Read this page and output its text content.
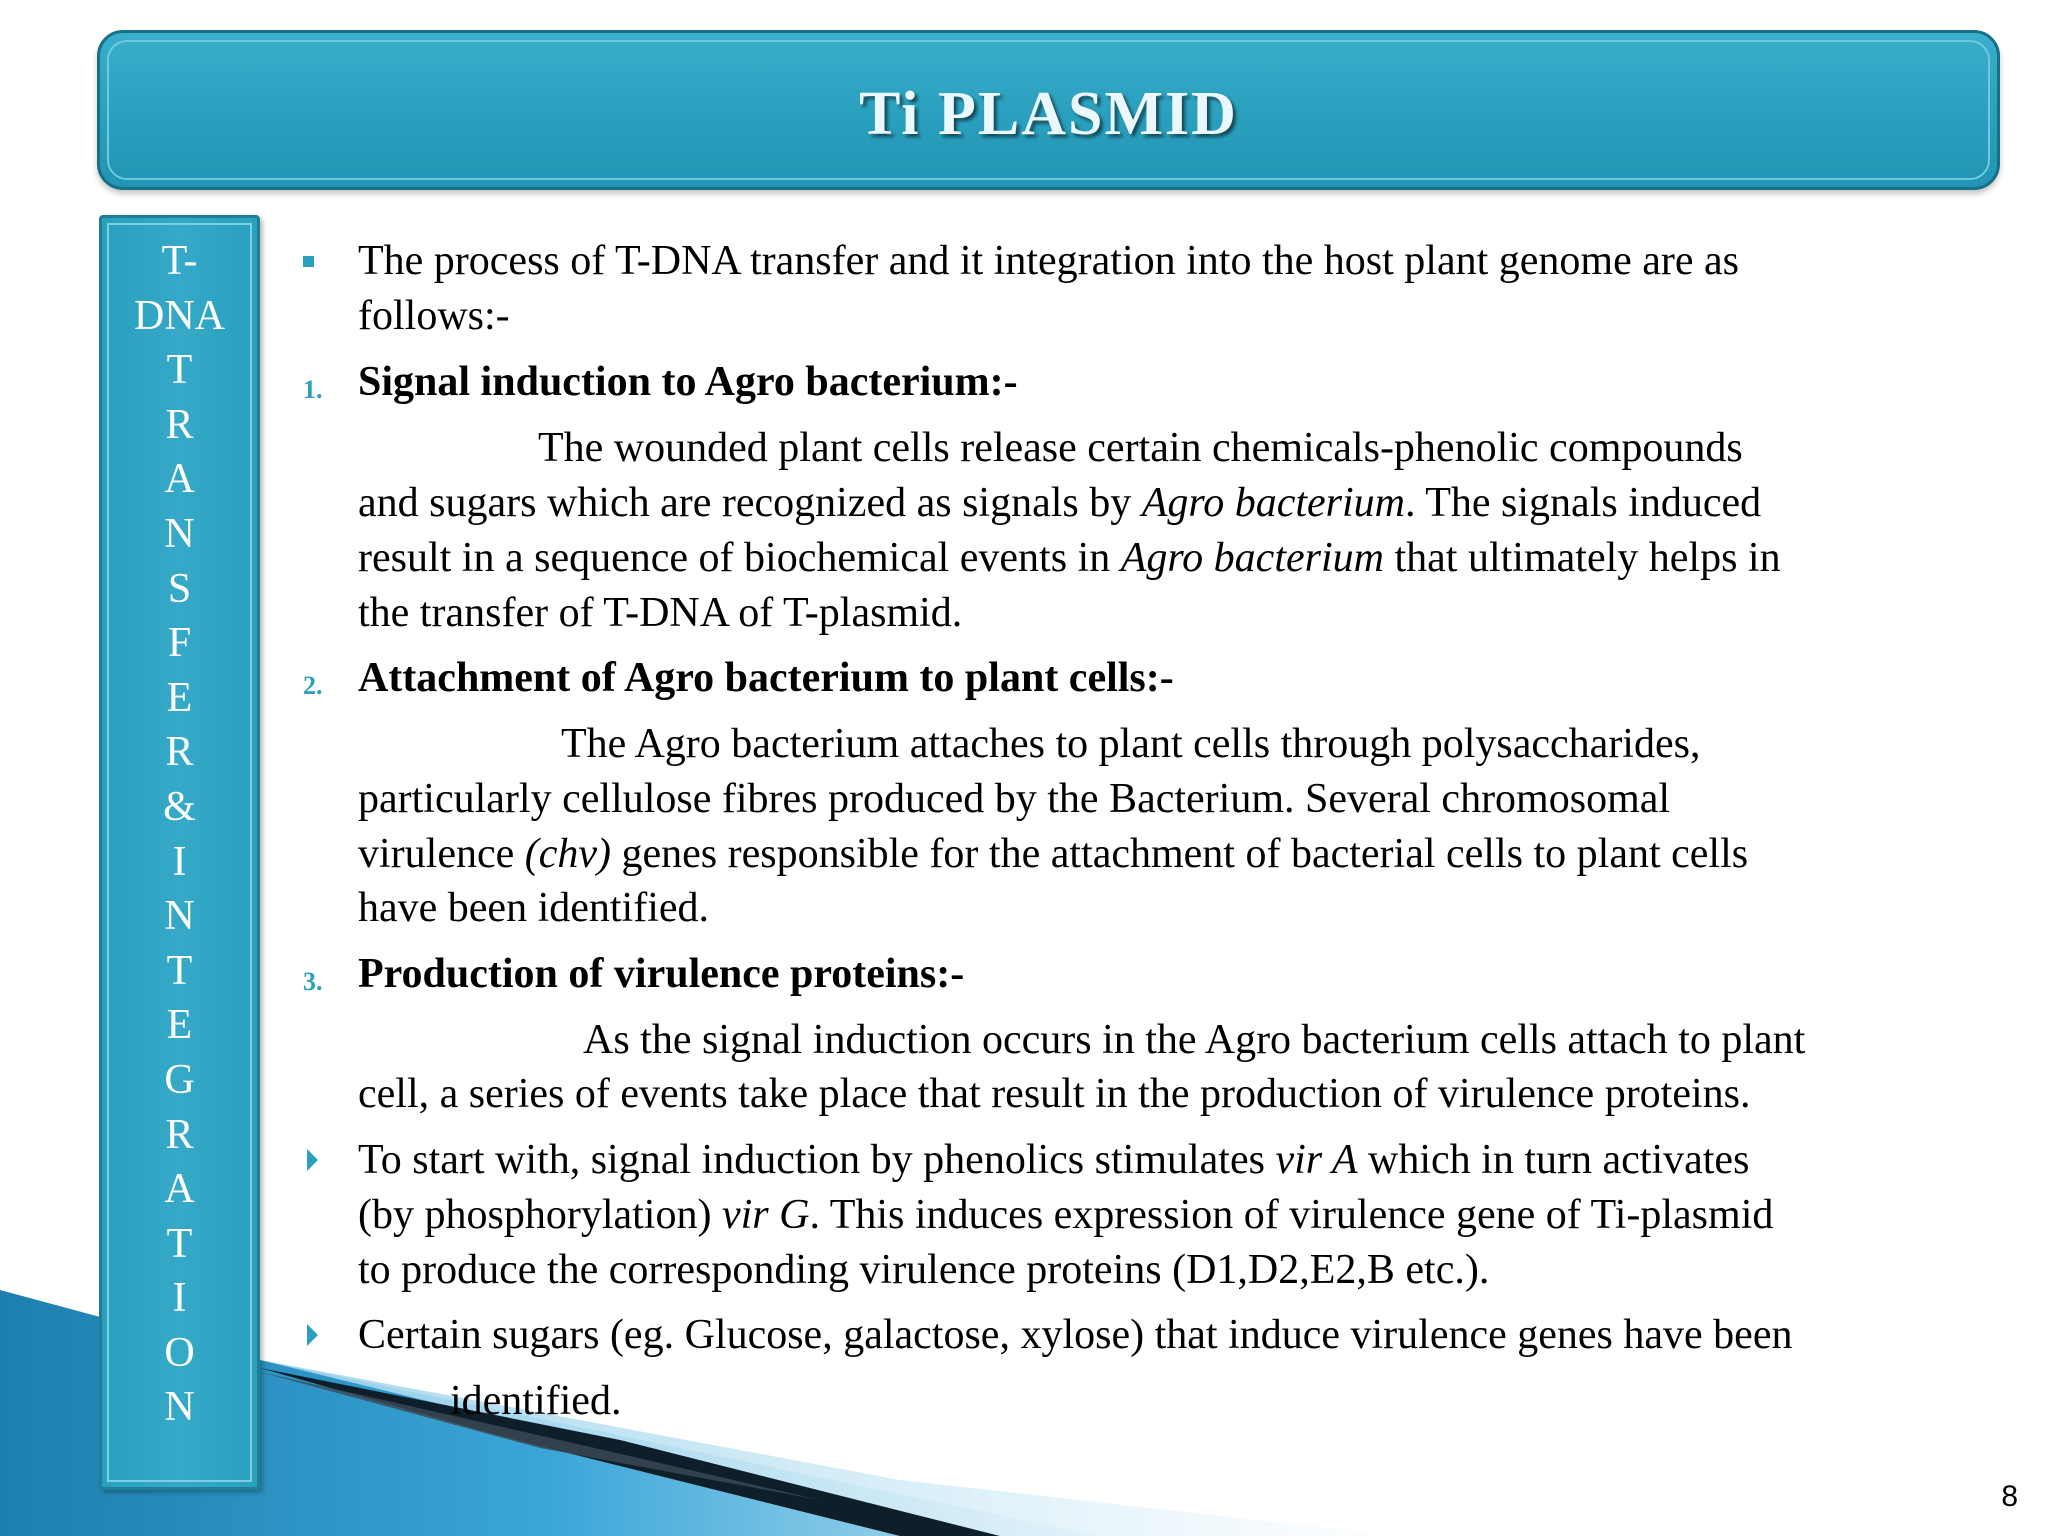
Ti PLASMID
T-
DNA
T
R
A
N
S
F
E
R
&
I
N
T
E
G
R
A
T
I
O
N
The process of T-DNA transfer and it integration into the host plant genome are as
follows:-
1. Signal induction to Agro bacterium:-
The wounded plant cells release certain chemicals-phenolic compounds
and sugars which are recognized as signals by Agro bacterium. The signals induced
result in a sequence of biochemical events in Agro bacterium that ultimately helps in
the transfer of T-DNA of T-plasmid.
2. Attachment of Agro bacterium to plant cells:-
The Agro bacterium attaches to plant cells through polysaccharides,
particularly cellulose fibres produced by the Bacterium. Several chromosomal
virulence (chv) genes responsible for the attachment of bacterial cells to plant cells
have been identified.
3. Production of virulence proteins:-
As the signal induction occurs in the Agro bacterium cells attach to plant
cell, a series of events take place that result in the production of virulence proteins.
To start with, signal induction by phenolics stimulates vir A which in turn activates
(by phosphorylation) vir G. This induces expression of virulence gene of Ti-plasmid
to produce the corresponding virulence proteins (D1,D2,E2,B etc.).
Certain sugars (eg. Glucose, galactose, xylose) that induce virulence genes have been
identified.
8
